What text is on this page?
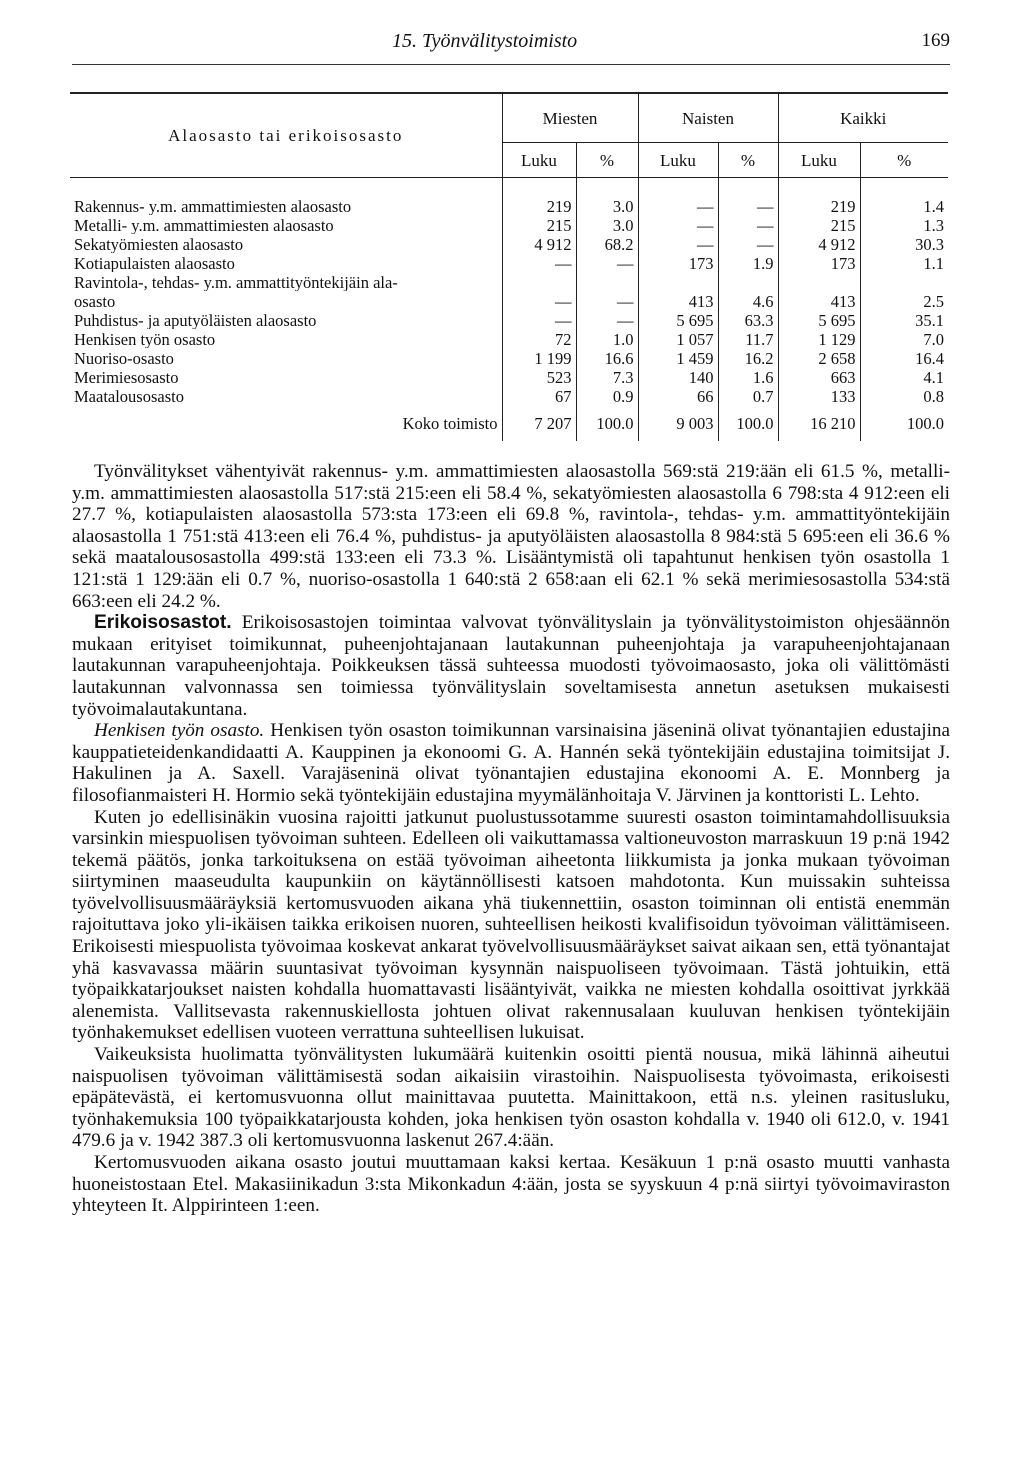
15. Työnvälitystoimisto	169
Alaosasto tai erikoisosasto	Miesten		Naisten		Kaikki	
	Luku	%	Luku	%	Luku	%

Rakennus- y.m. ammattimiesten alaosasto	219	3.0	—	—	219	1.4
Metalli- y.m. ammattimiesten alaosasto	215	3.0	—	—	215	1.3
Sekatyömiesten alaosasto	4 912	68.2	—	—	4 912	30.3
Kotiapulaisten alaosasto	—	—	173	1.9	173	1.1
Ravintola-, tehdas- y.m. ammattityöntekijäin ala-						
osasto	—	—	413	4.6	413	2.5
Puhdistus- ja aputyöläisten alaosasto	—	—	5 695	63.3	5 695	35.1
Henkisen työn osasto	72	1.0	1 057	11.7	1 129	7.0
Nuoriso-osasto	1 199	16.6	1 459	16.2	2 658	16.4
Merimiesosasto	523	7.3	140	1.6	663	4.1
Maatalousosasto	67	0.9	66	0.7	133	0.8
Koko toimisto	7 207	100.0	9 003	100.0	16 210	100.0

Työnvälitykset vähentyivät rakennus- y.m. ammattimiesten alaosastolla 569:stä 219:ään eli 61.5 %, metalli- y.m. ammattimiesten alaosastolla 517:stä 215:een eli 58.4 %, sekatyömiesten alaosastolla 6 798:sta 4 912:een eli 27.7 %, kotiapulaisten alaosastolla 573:sta 173:een eli 69.8 %, ravintola-, tehdas- y.m. ammattityöntekijäin alaosastolla 1 751:stä 413:een eli 76.4 %, puhdistus- ja aputyöläisten alaosastolla 8 984:stä 5 695:een eli 36.6 % sekä maatalousosastolla 499:stä 133:een eli 73.3 %. Lisääntymistä oli tapahtunut henkisen työn osastolla 1 121:stä 1 129:ään eli 0.7 %, nuoriso-osastolla 1 640:stä 2 658:aan eli 62.1 % sekä merimiesosastolla 534:stä 663:een eli 24.2 %.

Erikoisosastot. Erikoisosastojen toimintaa valvovat työnvälityslain ja työnvälitystoimiston ohjesäännön mukaan erityiset toimikunnat, puheenjohtajanaan lautakunnan puheenjohtaja ja varapuheenjohtajanaan lautakunnan varapuheenjohtaja. Poikkeuksen tässä suhteessa muodosti työvoimaosasto, joka oli välittömästi lautakunnan valvonnassa sen toimiessa työnvälityslain soveltamisesta annetun asetuksen mukaisesti työvoimalautakuntana.

Henkisen työn osasto. Henkisen työn osaston toimikunnan varsinaisina jäseninä olivat työnantajien edustajina kauppatieteidenkandidaatti A. Kauppinen ja ekonoomi G. A. Hannén sekä työntekijäin edustajina toimitsijat J. Hakulinen ja A. Saxell. Varajäseninä olivat työnantajien edustajina ekonoomi A. E. Monnberg ja filosofianmaisteri H. Hormio sekä työntekijäin edustajina myymälänhoitaja V. Järvinen ja konttoristi L. Lehto.

Kuten jo edellisinäkin vuosina rajoitti jatkunut puolustussotamme suuresti osaston toimintamahdollisuuksia varsinkin miespuolisen työvoiman suhteen. Edelleen oli vaikuttamassa valtioneuvoston marraskuun 19 p:nä 1942 tekemä päätös, jonka tarkoituksena on estää työvoiman aiheetonta liikkumista ja jonka mukaan työvoiman siirtyminen maaseudulta kaupunkiin on käytännöllisesti katsoen mahdotonta. Kun muissakin suhteissa työvelvollisuusmääräyksiä kertomusvuoden aikana yhä tiukennettiin, osaston toiminnan oli entistä enemmän rajoituttava joko yli-ikäisen taikka erikoisen nuoren, suhteellisen heikosti kvalifisoidun työvoiman välittämiseen. Erikoisesti miespuolista työvoimaa koskevat ankarat työvelvollisuusmääräykset saivat aikaan sen, että työnantajat yhä kasvavassa määrin suuntasivat työvoiman kysynnän naispuoliseen työvoimaan. Tästä johtuikin, että työpaikkatarjoukset naisten kohdalla huomattavasti lisääntyivät, vaikka ne miesten kohdalla osoittivat jyrkkää alenemista. Vallitsevasta rakennuskiellosta johtuen olivat rakennusalaan kuuluvan henkisen työntekijäin työnhakemukset edellisen vuoteen verrattuna suhteellisen lukuisat.

Vaikeuksista huolimatta työnvälitysten lukumäärä kuitenkin osoitti pientä nousua, mikä lähinnä aiheutui naispuolisen työvoiman välittämisestä sodan aikaisiin virastoihin. Naispuolisesta työvoimasta, erikoisesti epäpätevästä, ei kertomusvuonna ollut mainittavaa puutetta. Mainittakoon, että n.s. yleinen rasitusluku, työnhakemuksia 100 työpaikkatarjousta kohden, joka henkisen työn osaston kohdalla v. 1940 oli 612.0, v. 1941 479.6 ja v. 1942 387.3 oli kertomusvuonna laskenut 267.4:ään.

Kertomusvuoden aikana osasto joutui muuttamaan kaksi kertaa. Kesäkuun 1 p:nä osasto muutti vanhasta huoneistostaan Etel. Makasiinikadun 3:sta Mikonkadun 4:ään, josta se syyskuun 4 p:nä siirtyi työvoimaviraston yhteyteen It. Alppirinteen 1:een.
